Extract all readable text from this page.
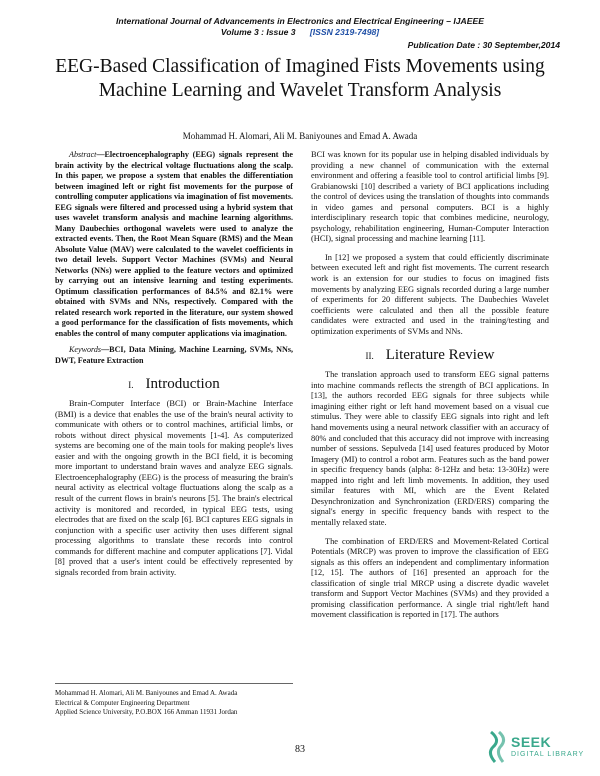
International Journal of Advancements in Electronics and Electrical Engineering – IJAEEE
Volume 3 : Issue 3 [ISSN 2319-7498]
Publication Date : 30 September,2014
EEG-Based Classification of Imagined Fists Movements using Machine Learning and Wavelet Transform Analysis
Mohammad H. Alomari, Ali M. Baniyounes and Emad A. Awada

Abstract—Electroencephalography (EEG) signals represent the brain activity by the electrical voltage fluctuations along the scalp. In this paper, we propose a system that enables the differentiation between imagined left or right fist movements for the purpose of controlling computer applications via imagination of fist movements. EEG signals were filtered and processed using a hybrid system that uses wavelet transform analysis and machine learning algorithms. Many Daubechies orthogonal wavelets were used to analyze the extracted events. Then, the Root Mean Square (RMS) and the Mean Absolute Value (MAV) were calculated to the wavelet coefficients in two detail levels. Support Vector Machines (SVMs) and Neural Networks (NNs) were applied to the feature vectors and optimized by carrying out an intensive learning and testing experiments. Optimum classification performances of 84.5% and 82.1% were obtained with SVMs and NNs, respectively. Compared with the related research work reported in the literature, our system showed a good performance for the classification of fists movements, which enables the control of many computer applications via imagination.

Keywords—BCI, Data Mining, Machine Learning, SVMs, NNs, DWT, Feature Extraction

I. Introduction

Brain-Computer Interface (BCI) or Brain-Machine Interface (BMI) is a device that enables the use of the brain's neural activity to communicate with others or to control machines, artificial limbs, or robots without direct physical movements [1-4]. As computerized systems are becoming one of the main tools for making people's lives easier and with the ongoing growth in the BCI field, it is becoming more important to understand brain waves and analyze EEG signals. Electroencephalography (EEG) is the process of measuring the brain's neural activity as electrical voltage fluctuations along the scalp as a result of the current flows in brain's neurons [5]. The brain's electrical activity is monitored and recorded, in typical EEG tests, using electrodes that are fixed on the scalp [6]. BCI captures EEG signals in conjunction with a specific user activity then uses different signal processing algorithms to translate these records into control commands for different machine and computer applications [7]. Vidal [8] proved that a user's intent could be effectively represented by signals recorded from brain activity.

BCI was known for its popular use in helping disabled individuals by providing a new channel of communication with the external environment and offering a feasible tool to control artificial limbs [9]. Grabianowski [10] described a variety of BCI applications including the control of devices using the translation of thoughts into commands in video games and personal computers. BCI is a highly interdisciplinary research topic that combines medicine, neurology, psychology, rehabilitation engineering, Human-Computer Interaction (HCI), signal processing and machine learning [11].

In [12] we proposed a system that could efficiently discriminate between executed left and right fist movements. The current research work is an extension for our studies to focus on imagined fists movements by analyzing EEG signals recorded during a large number of experiments for 20 different subjects. The Daubechies Wavelet coefficients were calculated and then all the possible feature candidates were extracted and used in the training/testing and optimization experiments of SVMs and NNs.

II. Literature Review

The translation approach used to transform EEG signal patterns into machine commands reflects the strength of BCI applications. In [13], the authors recorded EEG signals for three subjects while imagining either right or left hand movement based on a visual cue stimulus. They were able to classify EEG signals into right and left hand movements using a neural network classifier with an accuracy of 80% and concluded that this accuracy did not improve with increasing number of sessions. Sepulveda [14] used features produced by Motor Imagery (MI) to control a robot arm. Features such as the band power in specific frequency bands (alpha: 8-12Hz and beta: 13-30Hz) were mapped into right and left limb movements. In addition, they used similar features with MI, which are the Event Related Desynchronization and Synchronization (ERD/ERS) comparing the signal's energy in specific frequency bands with respect to the mentally relaxed state.

The combination of ERD/ERS and Movement-Related Cortical Potentials (MRCP) was proven to improve the classification of EEG signals as this offers an independent and complimentary information [12, 15]. The authors of [16] presented an approach for the classification of single trial MRCP using a discrete dyadic wavelet transform and Support Vector Machines (SVMs) and they provided a promising classification performance. A single trial right/left hand movement classification is reported in [17]. The authors

Mohammad H. Alomari, Ali M. Baniyounes and Emad A. Awada
Electrical & Computer Engineering Department
Applied Science University, P.O.BOX 166 Amman 11931 Jordan
83	SEEK
DIGITAL LIBRARY
